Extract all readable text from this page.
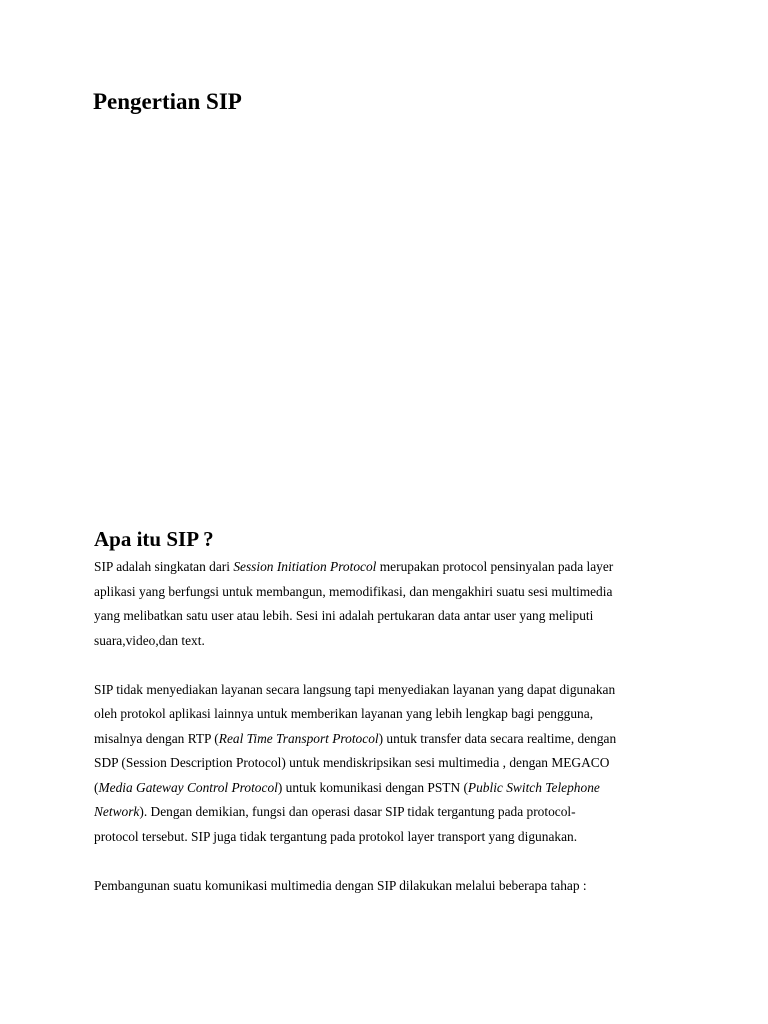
Pengertian SIP
Apa itu SIP ?

SIP adalah singkatan dari Session Initiation Protocol merupakan protocol pensinyalan pada layer
aplikasi yang berfungsi untuk membangun, memodifikasi, dan mengakhiri suatu sesi multimedia
yang melibatkan satu user atau lebih. Sesi ini adalah pertukaran data antar user yang meliputi
suara,video,dan text.

SIP tidak menyediakan layanan secara langsung tapi menyediakan layanan yang dapat digunakan
oleh protokol aplikasi lainnya untuk memberikan layanan yang lebih lengkap bagi pengguna,
misalnya dengan RTP (Real Time Transport Protocol) untuk transfer data secara realtime, dengan
SDP (Session Description Protocol) untuk mendiskripsikan sesi multimedia , dengan MEGACO
(Media Gateway Control Protocol) untuk komunikasi dengan PSTN (Public Switch Telephone
Network). Dengan demikian, fungsi dan operasi dasar SIP tidak tergantung pada protocol-
protocol tersebut. SIP juga tidak tergantung pada protokol layer transport yang digunakan.

Pembangunan suatu komunikasi multimedia dengan SIP dilakukan melalui beberapa tahap :
